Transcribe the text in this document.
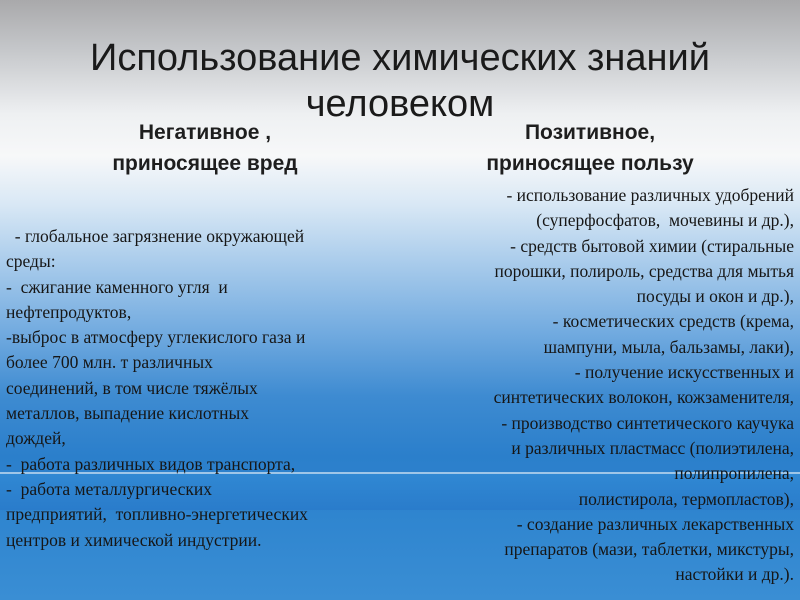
Использование химических знаний
человеком
Негативное ,
приносящее вред
Позитивное,
приносящее пользу
- глобальное загрязнение окружающей
среды:
-  сжигание каменного угля  и
нефтепродуктов,
-выброс в атмосферу углекислого газа и
более 700 млн. т различных
соединений, в том числе тяжёлых
металлов, выпадение кислотных
дождей,
-  работа различных видов транспорта,
-  работа металлургических
предприятий,  топливно-энергетических
центров и химической индустрии.
- использование различных удобрений
(суперфосфатов,  мочевины и др.),
- средств бытовой химии (стиральные
порошки, полироль, средства для мытья
посуды и окон и др.),
- косметических средств (крема,
шампуни, мыла, бальзамы, лаки),
- получение искусственных и
синтетических волокон, кожзаменителя,
- производство синтетического каучука
и различных пластмасс (полиэтилена,
полипропилена,
полистирола, термопластов),
- создание различных лекарственных
препаратов (мази, таблетки, микстуры,
настойки и др.).
